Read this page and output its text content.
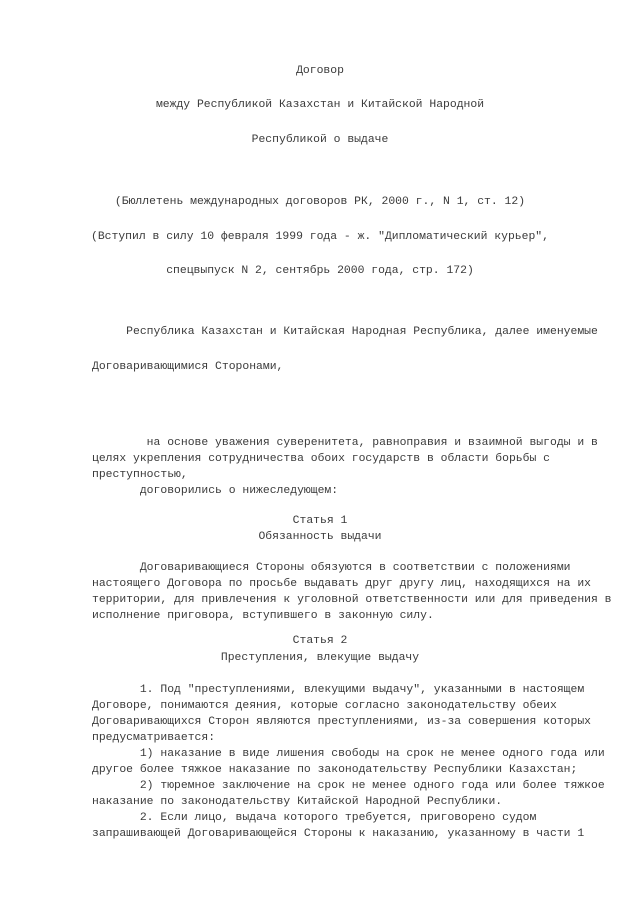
Договор
между Республикой Казахстан и Китайской Народной
Республикой о выдаче
(Бюллетень международных договоров РК, 2000 г., N 1, ст. 12)
(Вступил в силу 10 февраля 1999 года - ж. "Дипломатический курьер",
спецвыпуск N 2, сентябрь 2000 года, стр. 172)
Республика Казахстан и Китайская Народная Республика, далее именуемые
Договаривающимися Сторонами,
на основе уважения суверенитета, равноправия и взаимной выгоды и в
целях укрепления сотрудничества обоих государств в области борьбы с
преступностью,
договорились о нижеследующем:
Статья 1
Обязанность выдачи
Договаривающиеся Стороны обязуются в соответствии с положениями
настоящего Договора по просьбе выдавать друг другу лиц, находящихся на их
территории, для привлечения к уголовной ответственности или для приведения в
исполнение приговора, вступившего в законную силу.
Статья 2
Преступления, влекущие выдачу
1. Под "преступлениями, влекущими выдачу", указанными в настоящем
Договоре, понимаются деяния, которые согласно законодательству обеих
Договаривающихся Сторон являются преступлениями, из-за совершения которых
предусматривается:
1) наказание в виде лишения свободы на срок не менее одного года или
другое более тяжкое наказание по законодательству Республики Казахстан;
2) тюремное заключение на срок не менее одного года или более тяжкое
наказание по законодательству Китайской Народной Республики.
2. Если лицо, выдача которого требуется, приговорено судом
запрашивающей Договаривающейся Стороны к наказанию, указанному в части 1
